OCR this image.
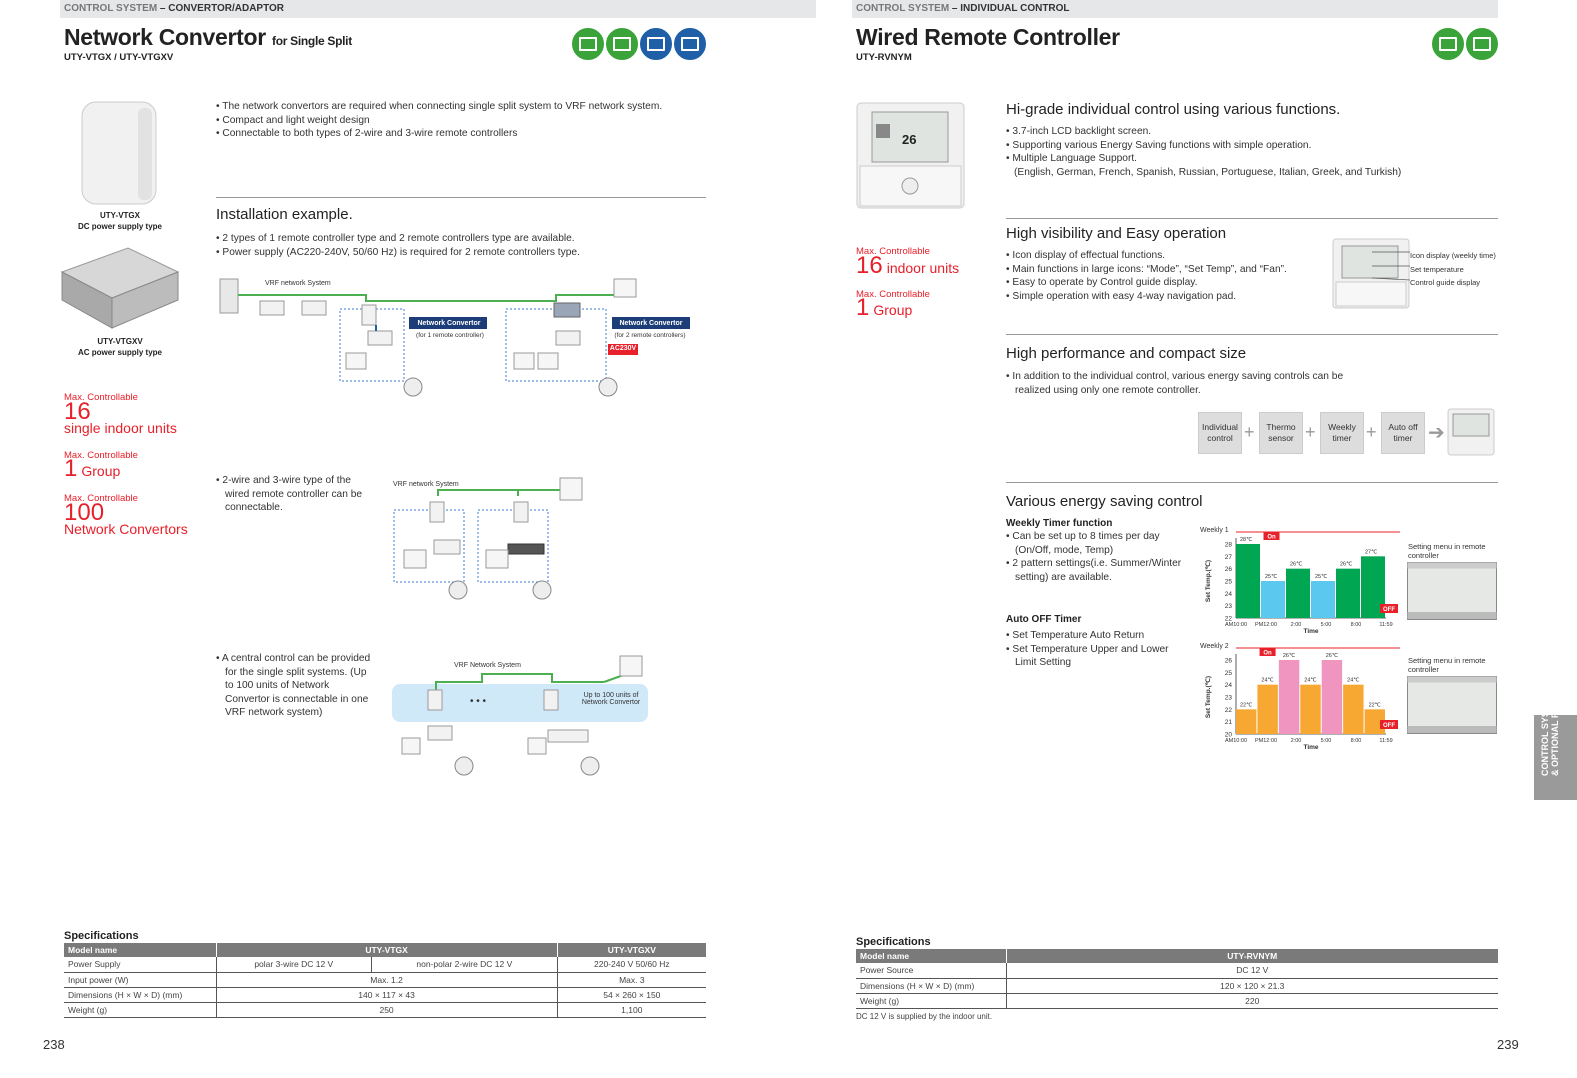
CONTROL SYSTEM – CONVERTOR/ADAPTOR
Network Convertor for Single Split
UTY-VTGX / UTY-VTGXV
UTY-VTGX
DC power supply type
UTY-VTGXV
AC power supply type
Max. Controllable
16
single indoor units
Max. Controllable
1 Group
Max. Controllable
100
Network Convertors
• The network convertors are required when connecting single split system to VRF network system.
• Compact and light weight design
• Connectable to both types of 2-wire and 3-wire remote controllers
Installation example.
• 2 types of 1 remote controller type and 2 remote controllers type are available.
• Power supply (AC220-240V, 50/60 Hz) is required for 2 remote controllers type.
VRF network System
Network Convertor
(for 1 remote controller)
Network Convertor
(for 2 remote controllers)
AC230V
• 2-wire and 3-wire type of the wired remote controller can be connectable.
VRF network System
• A central control can be provided for the single split systems. (Up to 100 units of Network Convertor is connectable in one VRF network system)
VRF Network System
• • •
Up to 100 units of Network Convertor
Specifications
Model name	UTY-VTGX		UTY-VTGXV
Power Supply	polar 3-wire DC 12 V	non-polar 2-wire DC 12 V	220-240 V 50/60 Hz
Input power (W)	Max. 1.2		Max. 3
Dimensions (H × W × D) (mm)	140 × 117 × 43		54 × 260 × 150
Weight (g)	250		1,100
238
CONTROL SYSTEM – INDIVIDUAL CONTROL
Wired Remote Controller
UTY-RVNYM
26
Max. Controllable
16 indoor units
Max. Controllable
1 Group
Hi-grade individual control using various functions.
• 3.7-inch LCD backlight screen.
• Supporting various Energy Saving functions with simple operation.
• Multiple Language Support.

(English, German, French, Spanish, Russian, Portuguese, Italian, Greek, and Turkish)

High visibility and Easy operation
• Icon display of effectual functions.
• Main functions in large icons: “Mode”, “Set Temp”, and “Fan”.
• Easy to operate by Control guide display.
• Simple operation with easy 4-way navigation pad.
Icon display (weekly time)
Set temperature
Control guide display
High performance and compact size
• In addition to the individual control, various energy saving controls can be realized using only one remote controller.
Individual control +	Thermo sensor +	Weekly timer +	Auto off timer ➔
Various energy saving control
Weekly Timer function
• Can be set up to 8 times per day (On/Off, mode, Temp)
• 2 pattern settings(i.e. Summer/Winter setting) are available.
Auto OFF Timer
• Set Temperature Auto Return
• Set Temperature Upper and Lower Limit Setting
Weekly 1
22
23
24
25
26
27
28
28℃
25℃
26℃
25℃
26℃
27℃
AM10:00 PM12:00 2:00	5:00	8:00	11:59
Time
Set Temp.(℃)
On
OFF
Weekly 2
20
21
22
23
24
25
26
22℃
24℃
26℃
24℃
26℃
24℃
22℃
AM10:00 PM12:00 2:00	5:00	8:00	11:59
Time
Set Temp.(℃)
On
OFF
Setting menu in remote controller
Setting menu in remote controller
Specifications
Model name	UTY-RVNYM
Power Source	DC 12 V
Dimensions (H × W × D) (mm)	120 × 120 × 21.3
Weight (g)	220
DC 12 V is supplied by the indoor unit.
239
CONTROL SYSTEM & OPTIONAL PARTS
